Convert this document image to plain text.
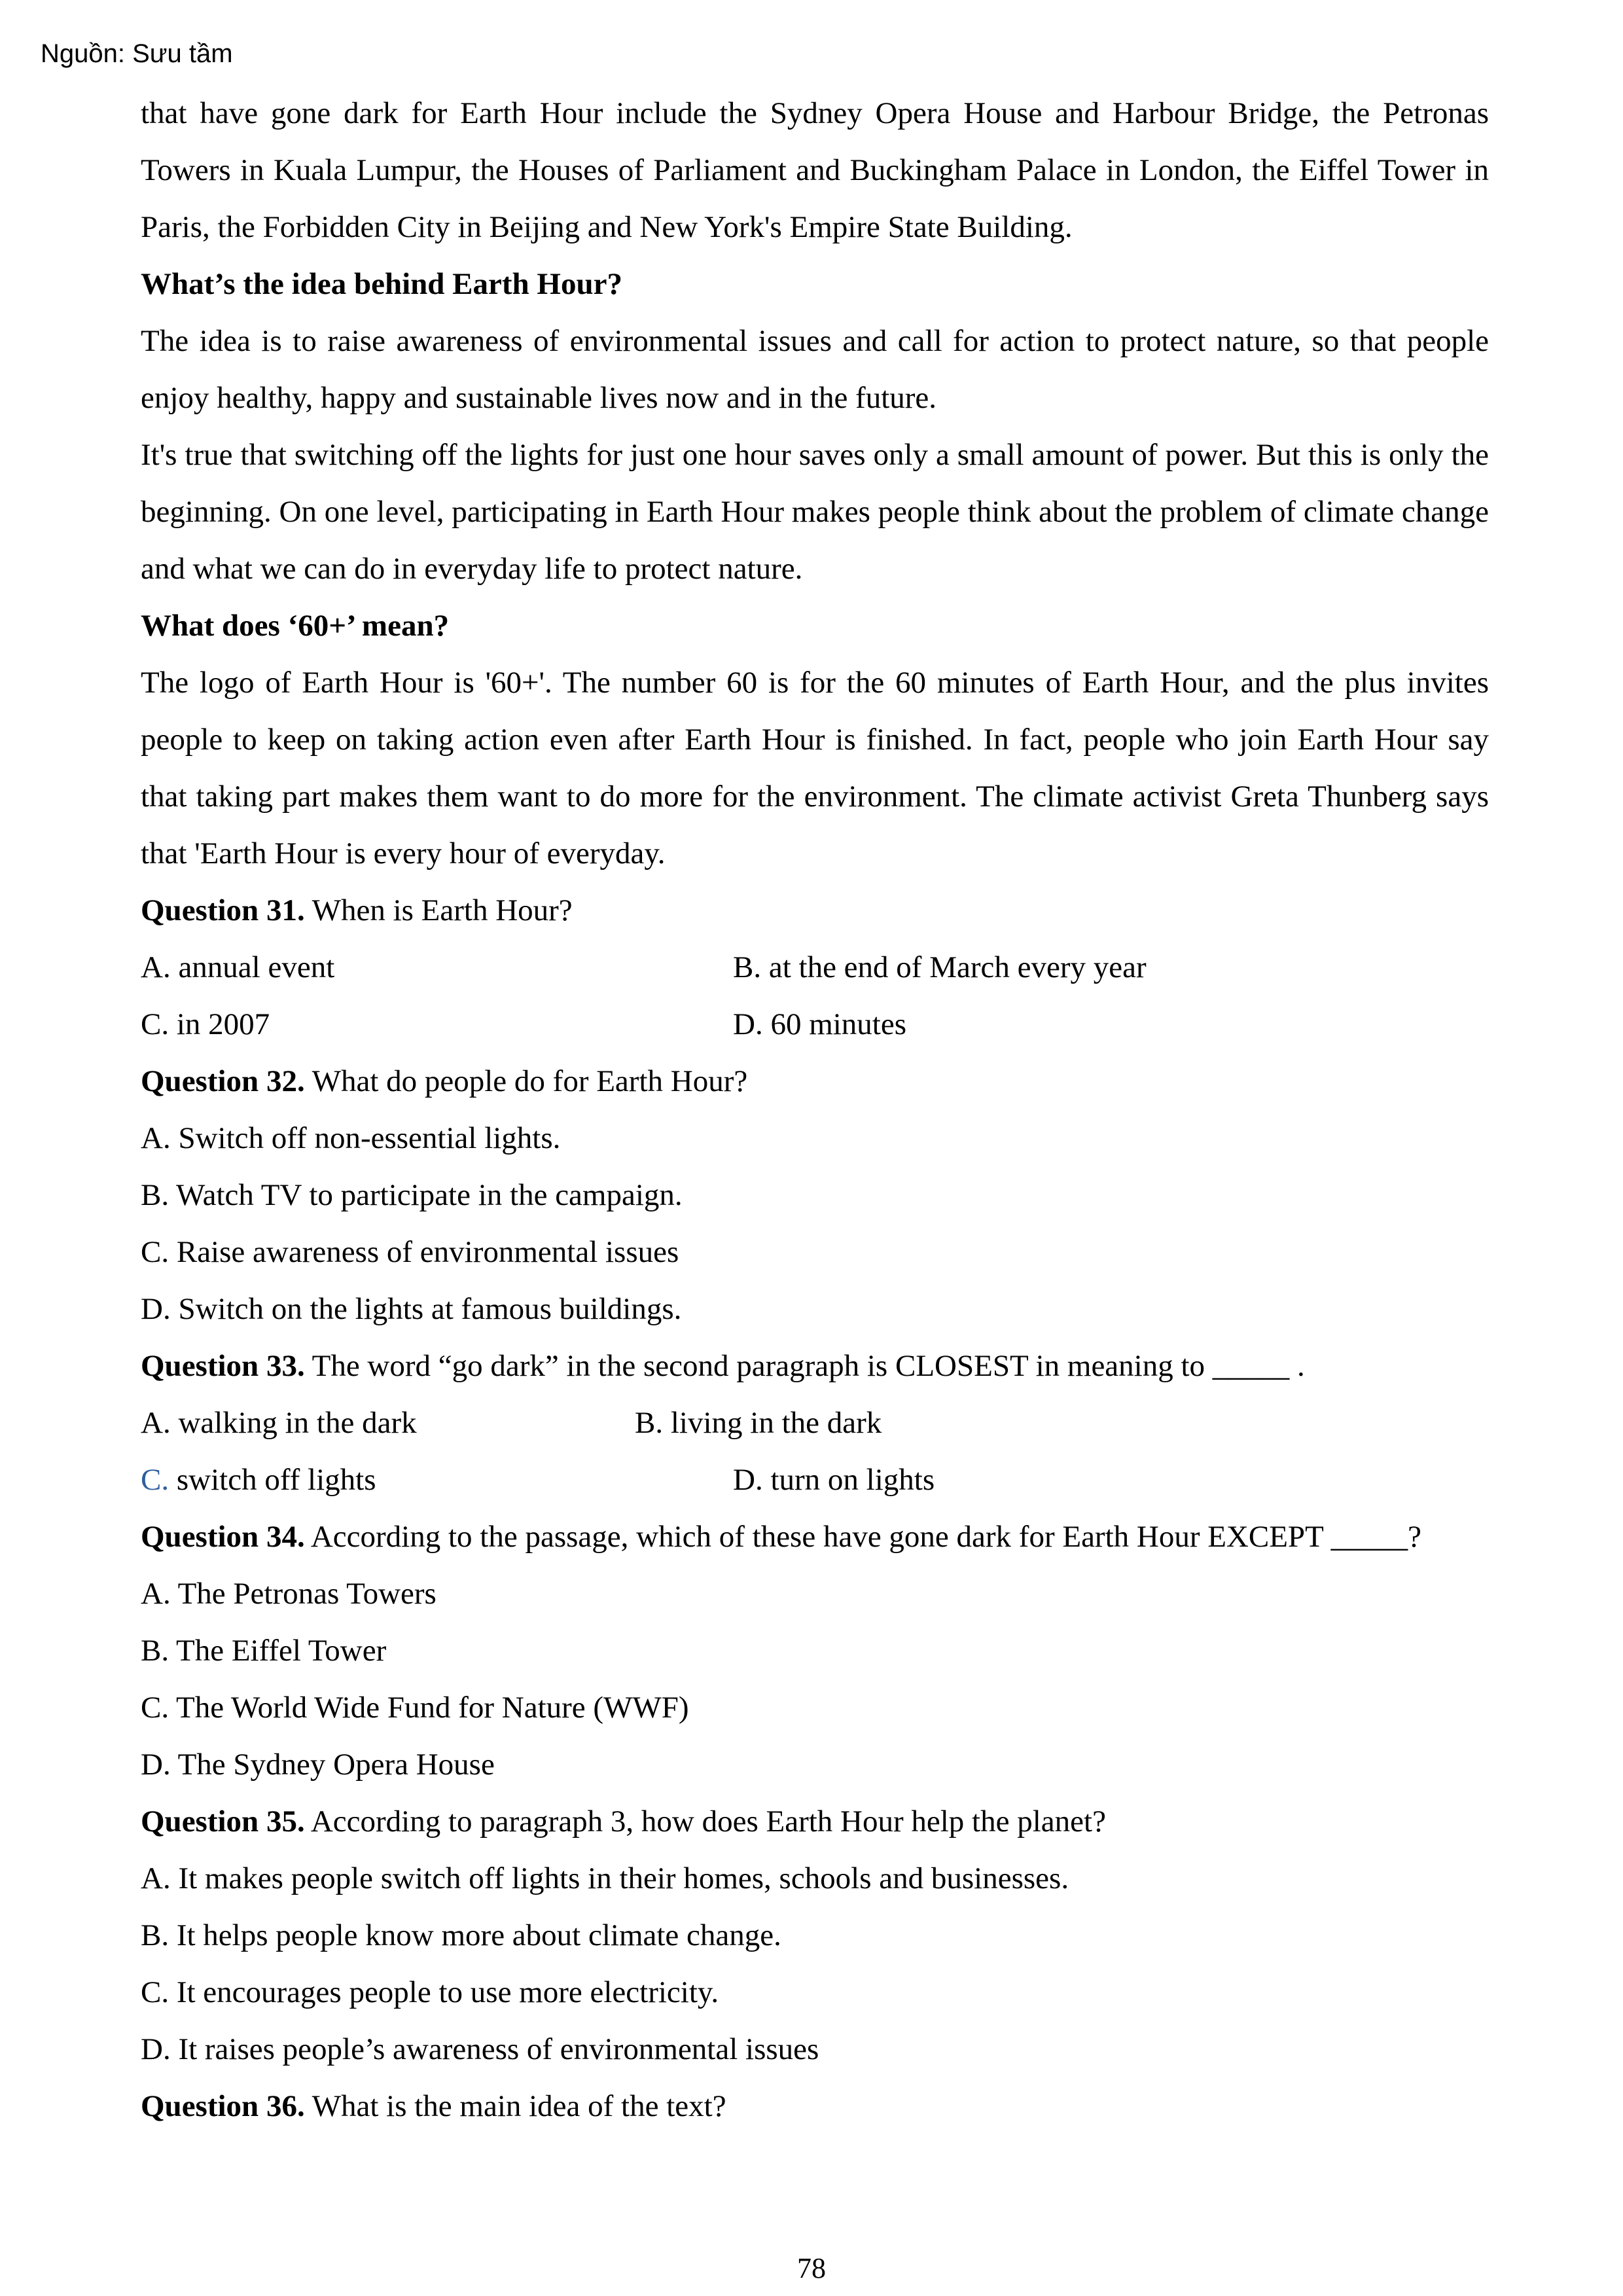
Nguồn: Sưu tầm

that have gone dark for Earth Hour include the Sydney Opera House and Harbour Bridge, the Petronas Towers in Kuala Lumpur, the Houses of Parliament and Buckingham Palace in London, the Eiffel Tower in Paris, the Forbidden City in Beijing and New York's Empire State Building.

What’s the idea behind Earth Hour?

The idea is to raise awareness of environmental issues and call for action to protect nature, so that people enjoy healthy, happy and sustainable lives now and in the future.

It's true that switching off the lights for just one hour saves only a small amount of power. But this is only the beginning. On one level, participating in Earth Hour makes people think about the problem of climate change and what we can do in everyday life to protect nature.

What does ‘60+’ mean?

The logo of Earth Hour is '60+'. The number 60 is for the 60 minutes of Earth Hour, and the plus invites people to keep on taking action even after Earth Hour is finished. In fact, people who join Earth Hour say that taking part makes them want to do more for the environment. The climate activist Greta Thunberg says that 'Earth Hour is every hour of everyday.

Question 31. When is Earth Hour?

A. annual event	B. at the end of March every year
C. in 2007	D. 60 minutes

Question 32. What do people do for Earth Hour?

A. Switch off non-essential lights.

B. Watch TV to participate in the campaign.

C. Raise awareness of environmental issues

D. Switch on the lights at famous buildings.

Question 33. The word “go dark” in the second paragraph is CLOSEST in meaning to _____ .

A. walking in the dark	B. living in the dark
C. switch off lights	D. turn on lights

Question 34. According to the passage, which of these have gone dark for Earth Hour EXCEPT _____?

A. The Petronas Towers

B. The Eiffel Tower

C. The World Wide Fund for Nature (WWF)

D. The Sydney Opera House

Question 35. According to paragraph 3, how does Earth Hour help the planet?

A. It makes people switch off lights in their homes, schools and businesses.

B. It helps people know more about climate change.

C. It encourages people to use more electricity.

D. It raises people’s awareness of environmental issues

Question 36. What is the main idea of the text?

78
